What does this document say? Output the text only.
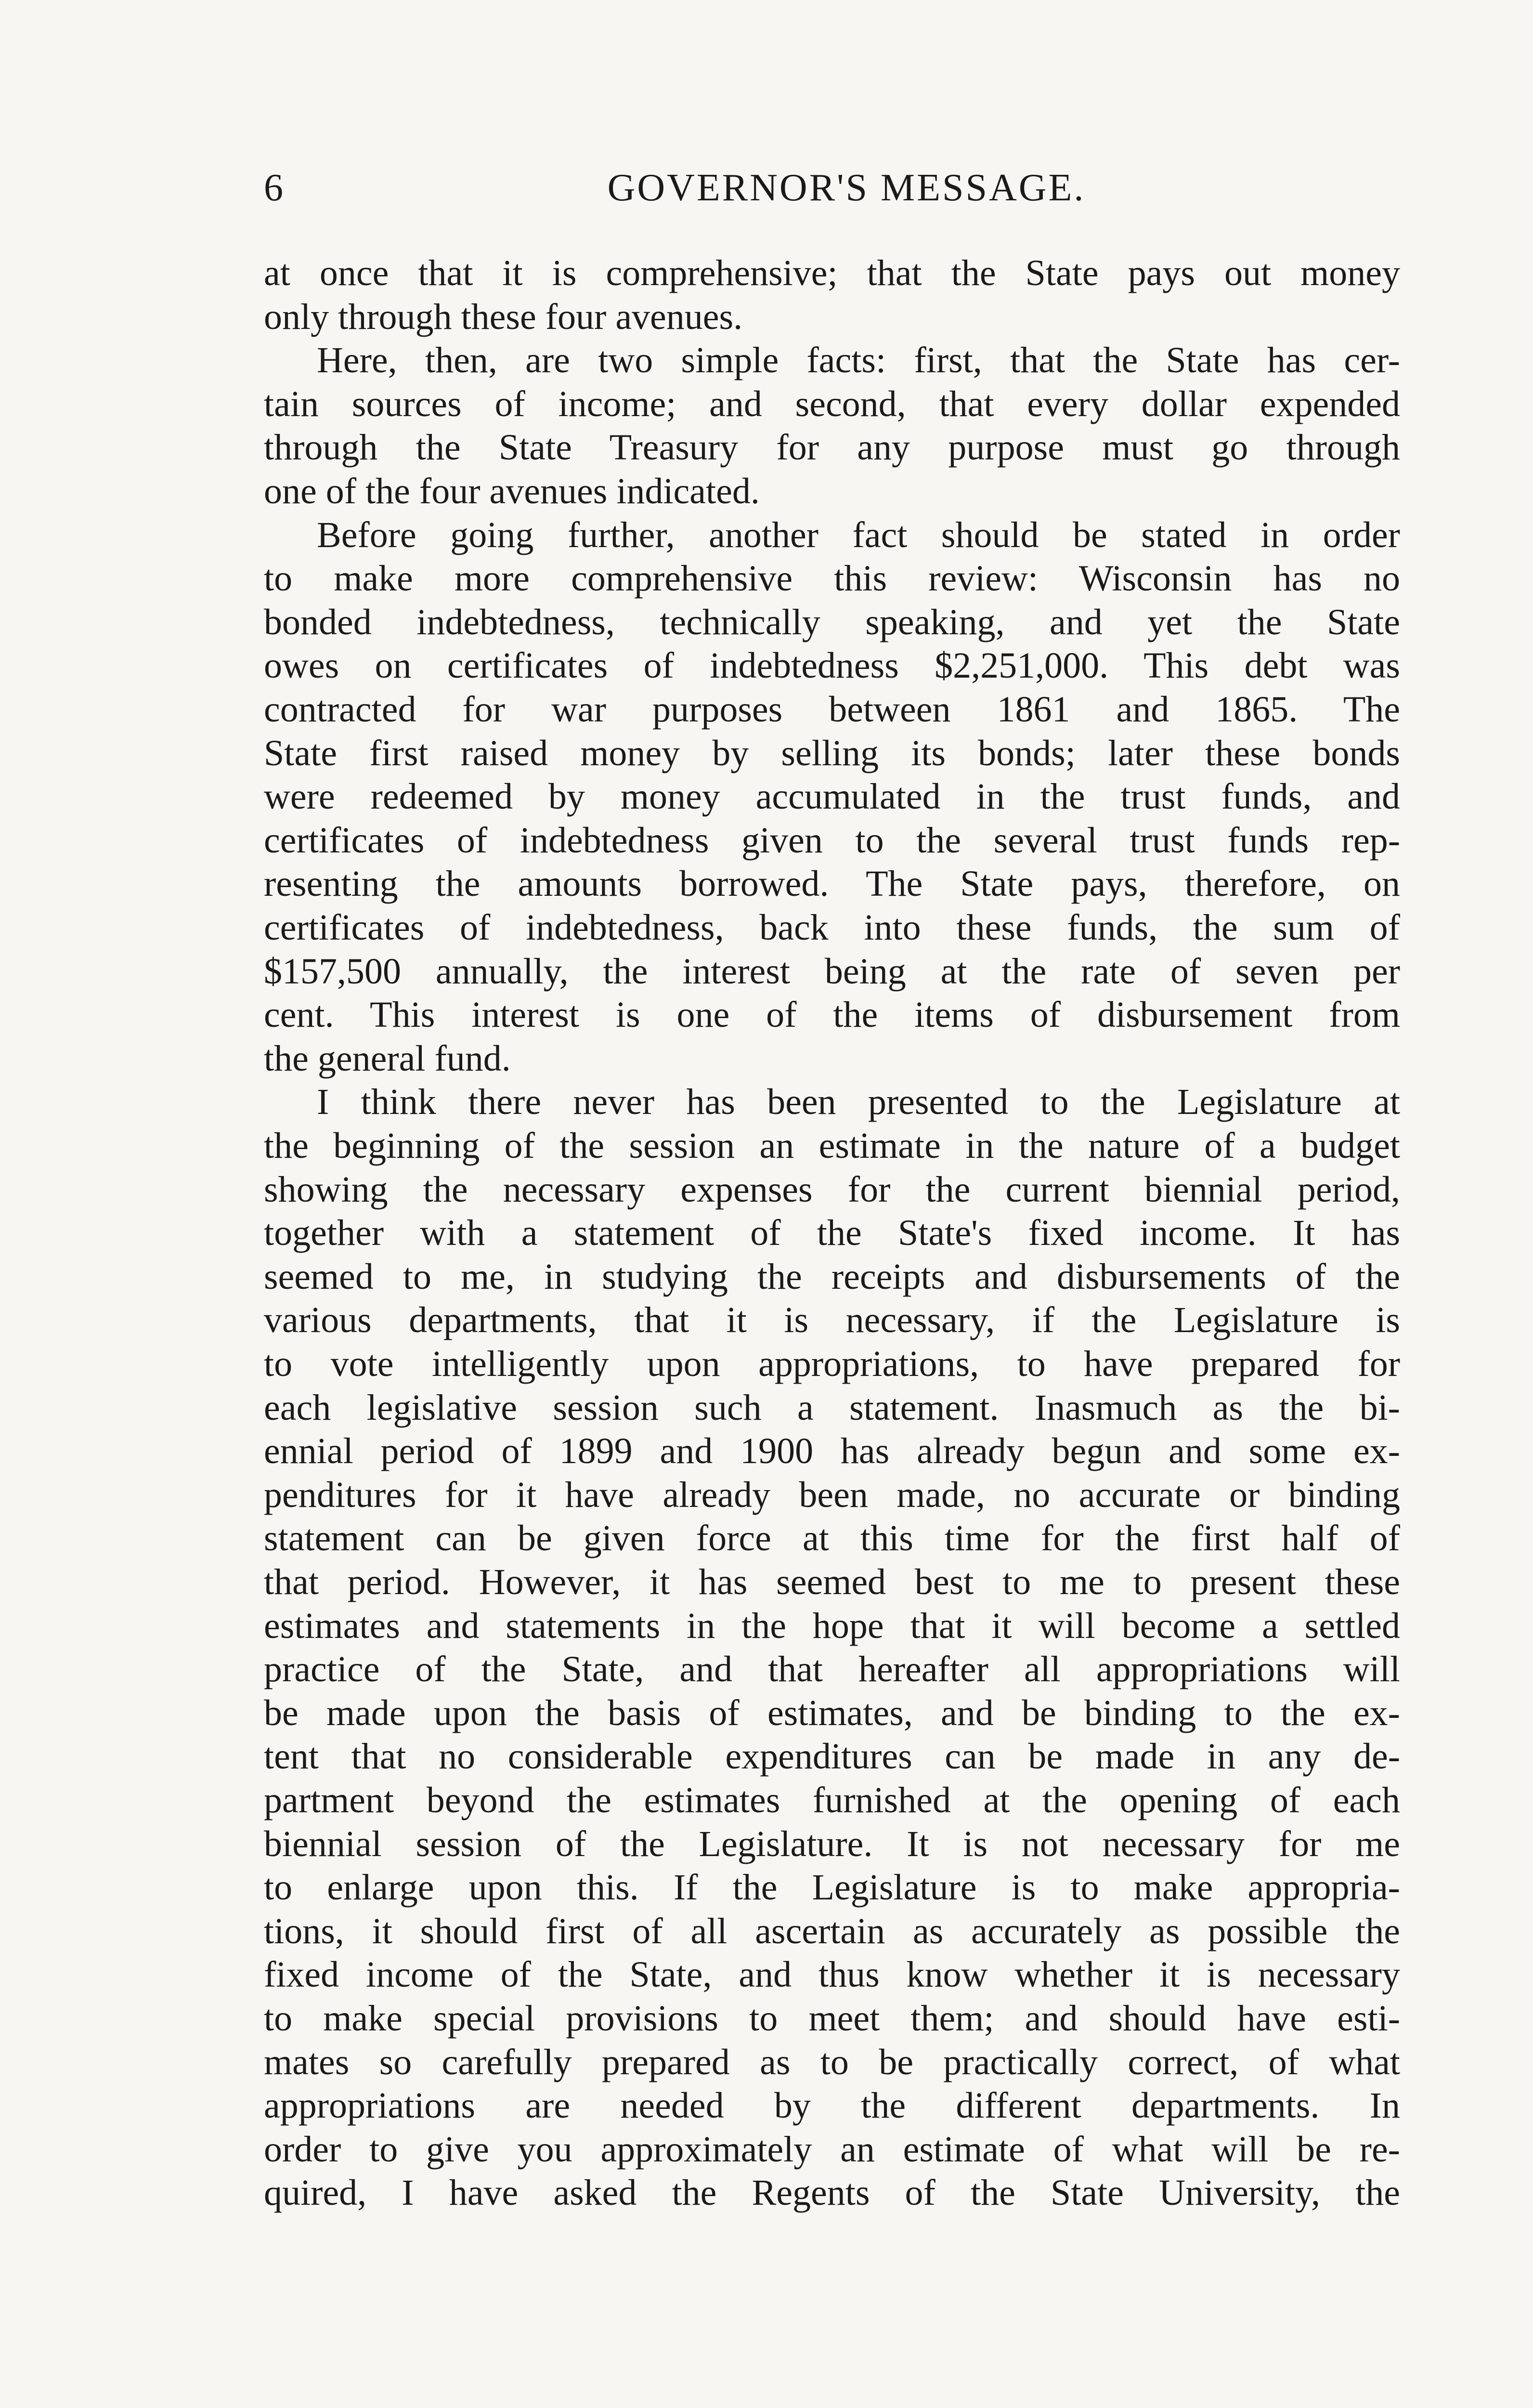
6	GOVERNOR'S MESSAGE.
at once that it is comprehensive; that the State pays out money
only through these four avenues.
Here, then, are two simple facts: first, that the State has cer-
tain sources of income; and second, that every dollar expended
through the State Treasury for any purpose must go through
one of the four avenues indicated.
Before going further, another fact should be stated in order
to make more comprehensive this review: Wisconsin has no
bonded indebtedness, technically speaking, and yet the State
owes on certificates of indebtedness $2,251,000. This debt was
contracted for war purposes between 1861 and 1865. The
State first raised money by selling its bonds; later these bonds
were redeemed by money accumulated in the trust funds, and
certificates of indebtedness given to the several trust funds rep-
resenting the amounts borrowed. The State pays, therefore, on
certificates of indebtedness, back into these funds, the sum of
$157,500 annually, the interest being at the rate of seven per
cent. This interest is one of the items of disbursement from
the general fund.
I think there never has been presented to the Legislature at
the beginning of the session an estimate in the nature of a budget
showing the necessary expenses for the current biennial period,
together with a statement of the State's fixed income. It has
seemed to me, in studying the receipts and disbursements of the
various departments, that it is necessary, if the Legislature is
to vote intelligently upon appropriations, to have prepared for
each legislative session such a statement. Inasmuch as the bi-
ennial period of 1899 and 1900 has already begun and some ex-
penditures for it have already been made, no accurate or binding
statement can be given force at this time for the first half of
that period. However, it has seemed best to me to present these
estimates and statements in the hope that it will become a settled
practice of the State, and that hereafter all appropriations will
be made upon the basis of estimates, and be binding to the ex-
tent that no considerable expenditures can be made in any de-
partment beyond the estimates furnished at the opening of each
biennial session of the Legislature. It is not necessary for me
to enlarge upon this. If the Legislature is to make appropria-
tions, it should first of all ascertain as accurately as possible the
fixed income of the State, and thus know whether it is necessary
to make special provisions to meet them; and should have esti-
mates so carefully prepared as to be practically correct, of what
appropriations are needed by the different departments. In
order to give you approximately an estimate of what will be re-
quired, I have asked the Regents of the State University, the
